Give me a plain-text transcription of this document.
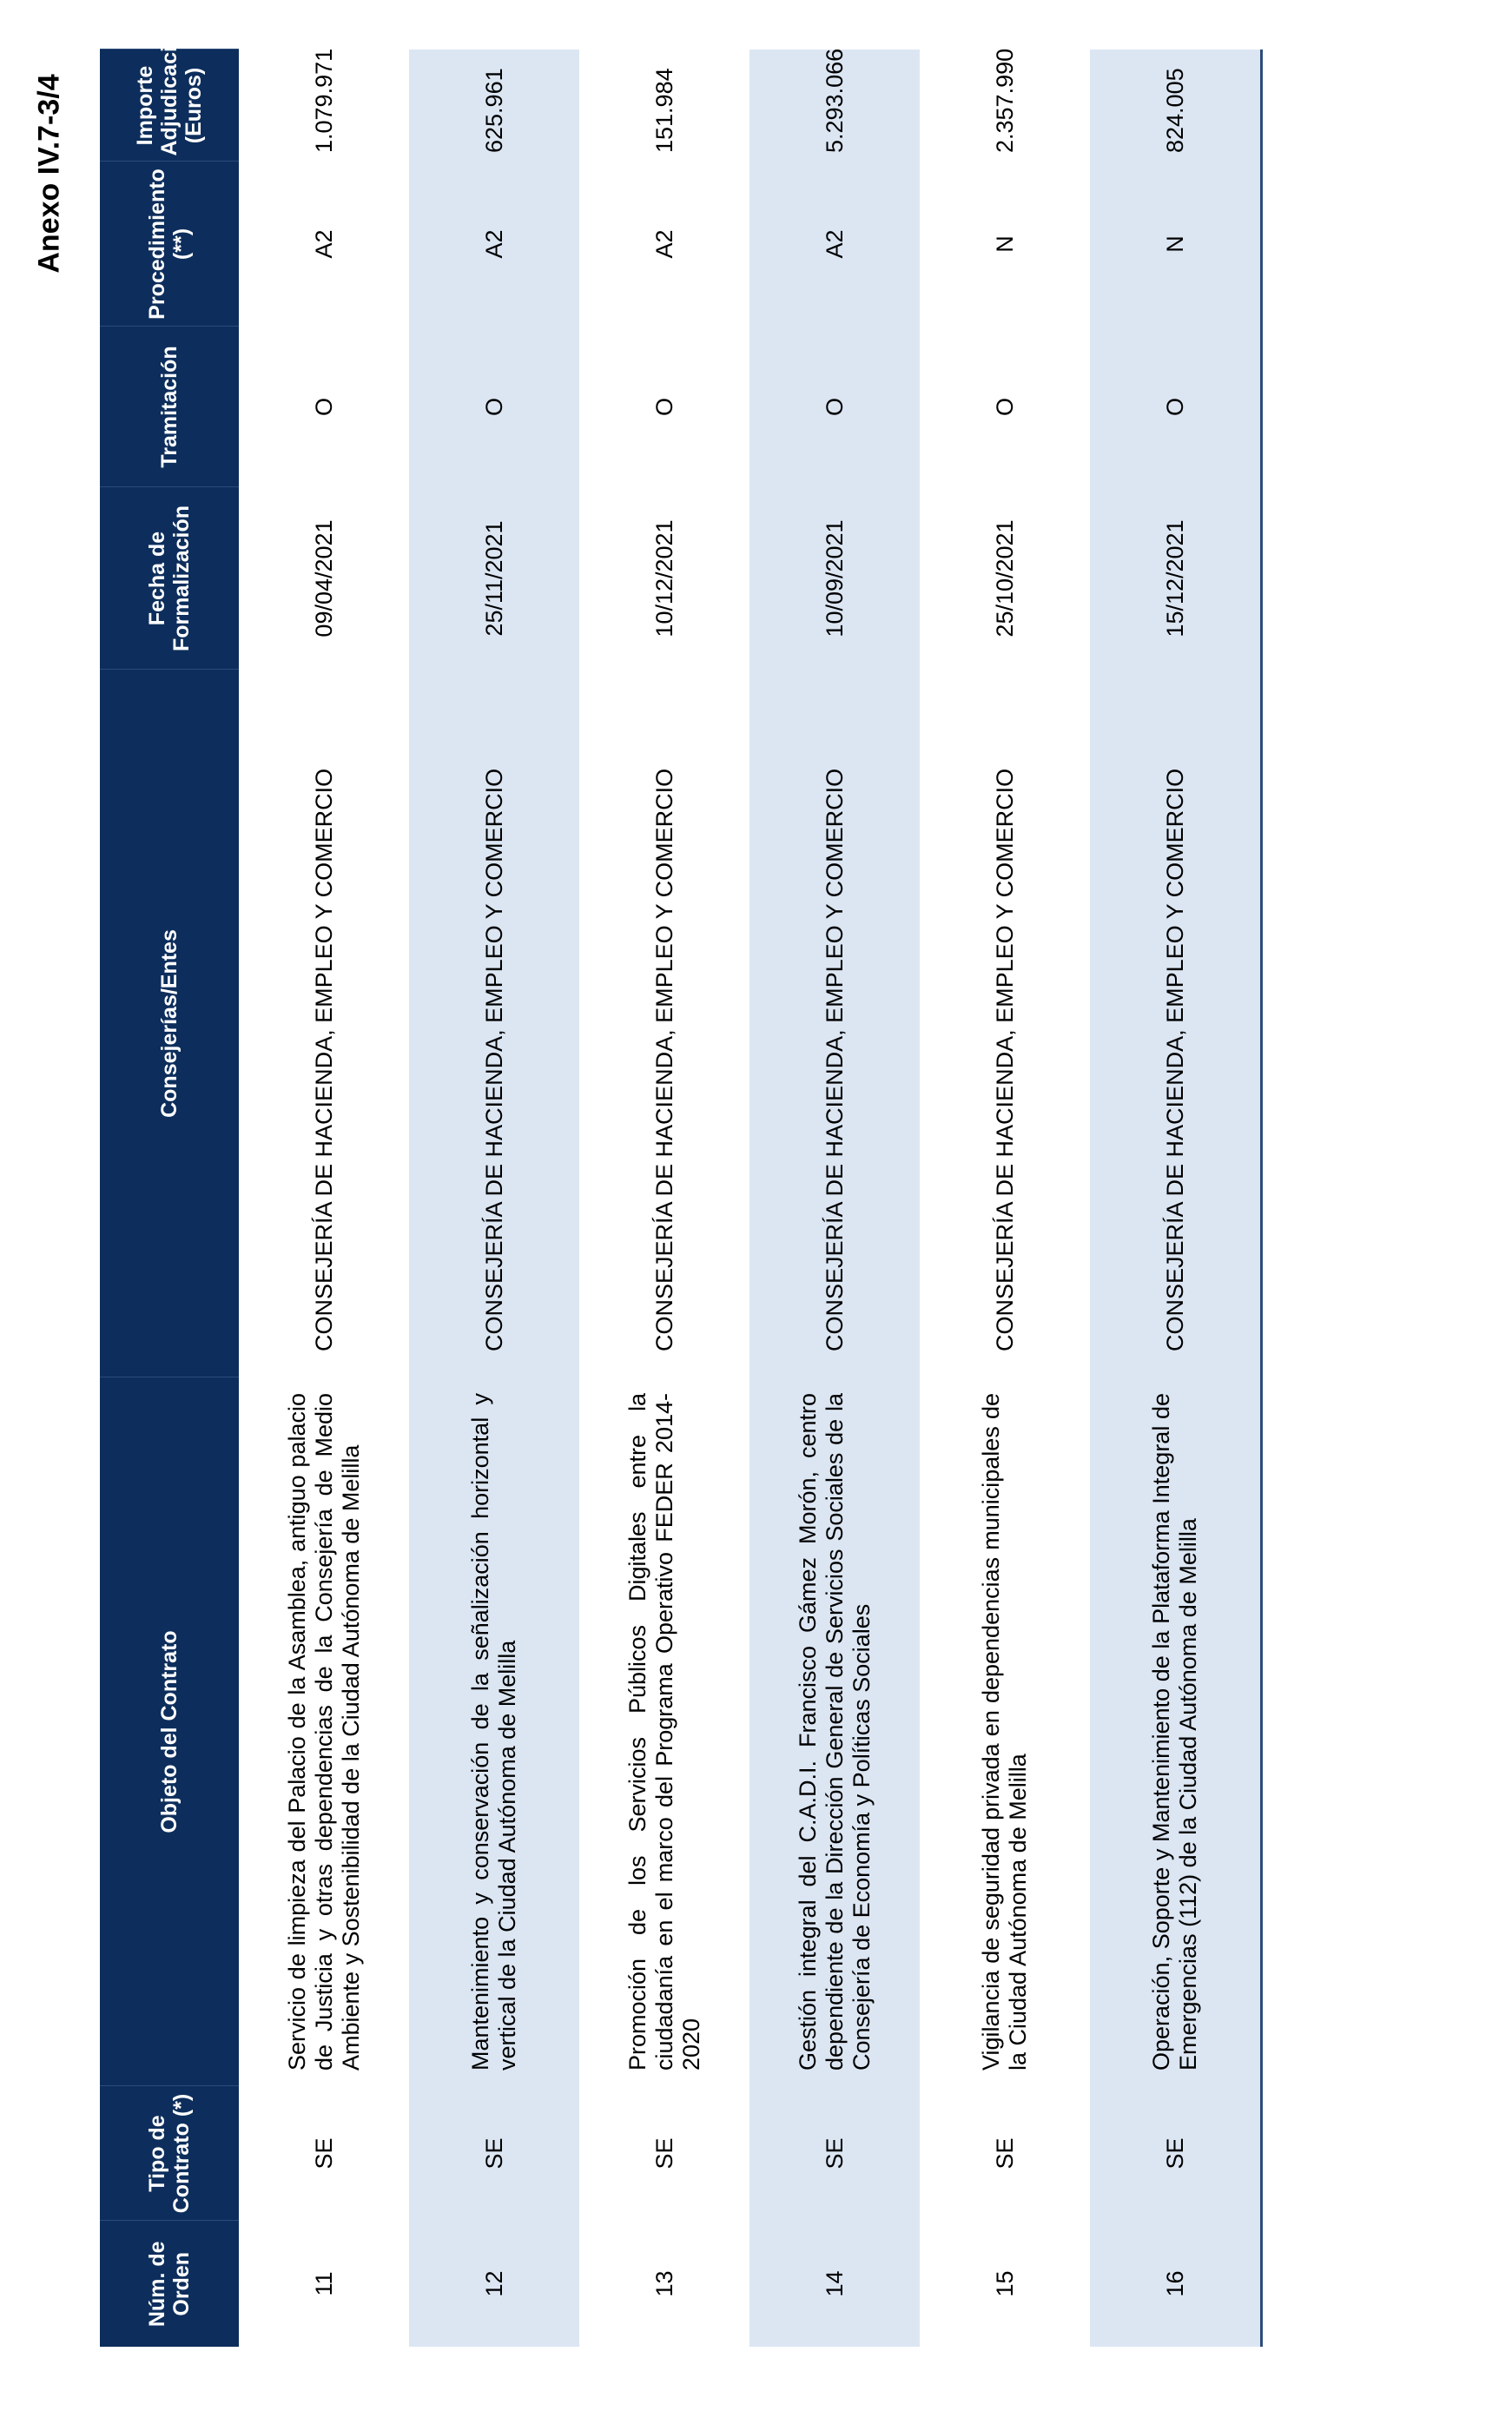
Anexo IV.7-3/4
Núm. de Orden	Tipo de Contrato (*)	Objeto del Contrato	Consejerías/Entes	Fecha de Formalización	Tramitación	Procedimiento (**)	Importe Adjudicación (Euros)
11	SE	Servicio de limpieza del Palacio de la Asamblea, antiguo palacio de Justicia y otras dependencias de la Consejería de Medio Ambiente y Sostenibilidad de la Ciudad Autónoma de Melilla	CONSEJERÍA DE HACIENDA, EMPLEO Y COMERCIO	09/04/2021	O	A2	1.079.971
12	SE	Mantenimiento y conservación de la señalización horizontal y vertical de la Ciudad Autónoma de Melilla	CONSEJERÍA DE HACIENDA, EMPLEO Y COMERCIO	25/11/2021	O	A2	625.961
13	SE	Promoción de los Servicios Públicos Digitales entre la ciudadanía en el marco del Programa Operativo FEDER 2014-2020	CONSEJERÍA DE HACIENDA, EMPLEO Y COMERCIO	10/12/2021	O	A2	151.984
14	SE	Gestión integral del C.A.D.I. Francisco Gámez Morón, centro dependiente de la Dirección General de Servicios Sociales de la Consejería de Economía y Políticas Sociales	CONSEJERÍA DE HACIENDA, EMPLEO Y COMERCIO	10/09/2021	O	A2	5.293.066
15	SE	Vigilancia de seguridad privada en dependencias municipales de la Ciudad Autónoma de Melilla	CONSEJERÍA DE HACIENDA, EMPLEO Y COMERCIO	25/10/2021	O	N	2.357.990
16	SE	Operación, Soporte y Mantenimiento de la Plataforma Integral de Emergencias (112) de la Ciudad Autónoma de Melilla	CONSEJERÍA DE HACIENDA, EMPLEO Y COMERCIO	15/12/2021	O	N	824.005
